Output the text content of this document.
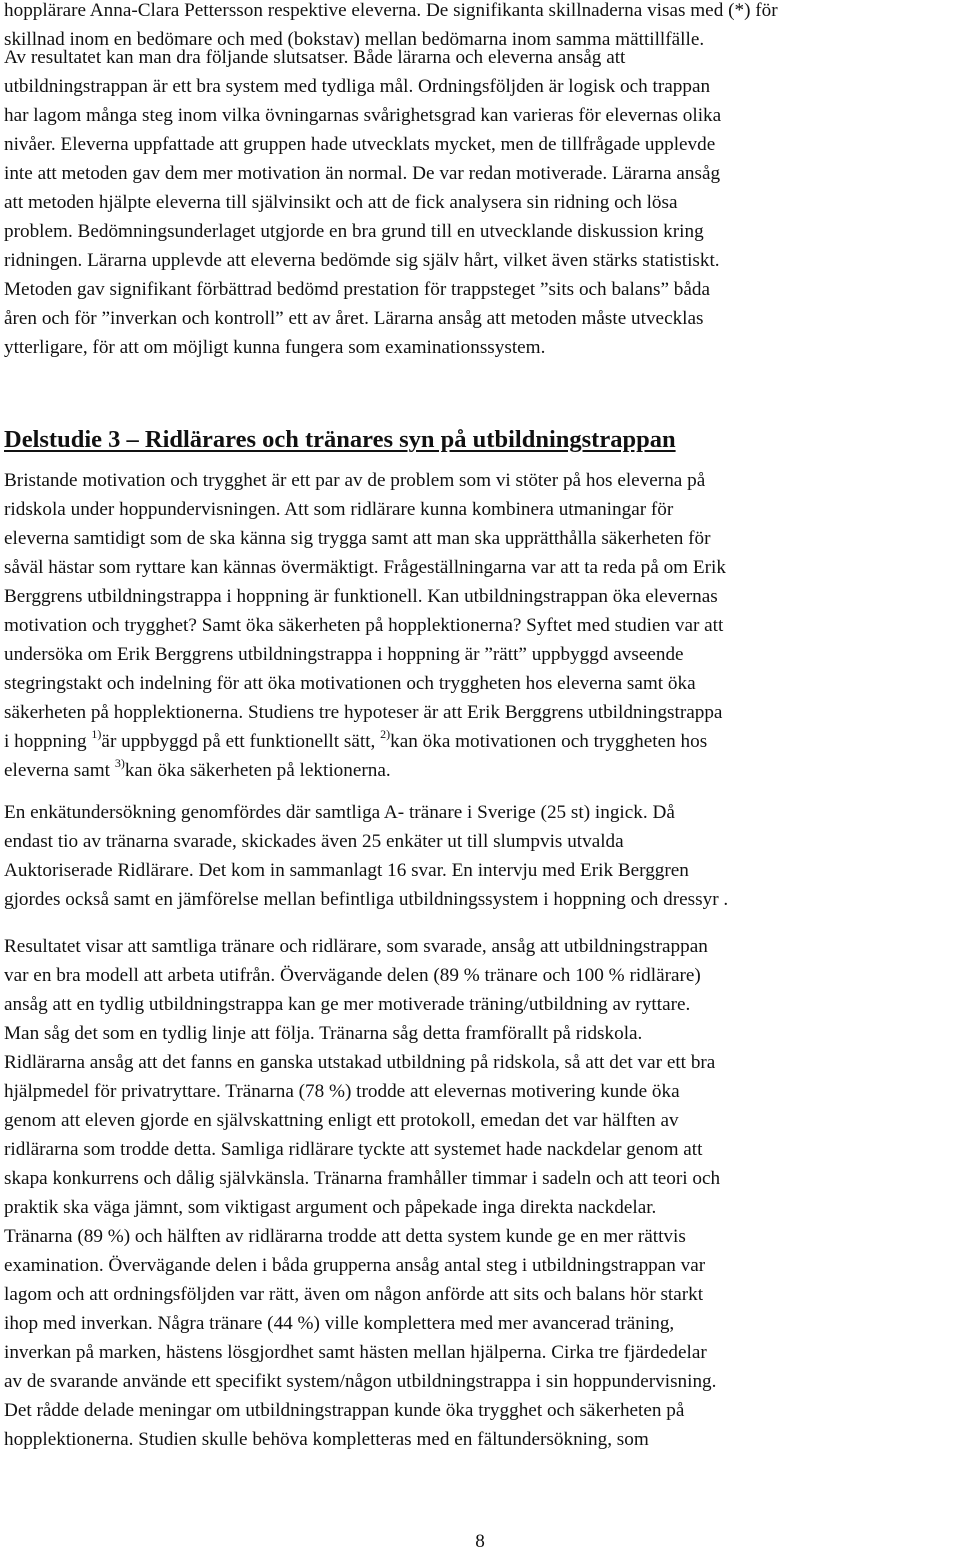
hopplärare Anna-Clara Pettersson respektive eleverna. De signifikanta skillnaderna visas med (*) för
skillnad inom en bedömare och med (bokstav) mellan bedömarna inom samma mättillfälle.
Av resultatet kan man dra följande slutsatser. Både lärarna och eleverna ansåg att
utbildningstrappan är ett bra system med tydliga mål. Ordningsföljden är logisk och trappan
har lagom många steg inom vilka övningarnas svårighetsgrad kan varieras för elevernas olika
nivåer. Eleverna uppfattade att gruppen hade utvecklats mycket, men de tillfrågade upplevde
inte att metoden gav dem mer motivation än normal. De var redan motiverade. Lärarna ansåg
att metoden hjälpte eleverna till självinsikt och att de fick analysera sin ridning och lösa
problem. Bedömningsunderlaget utgjorde en bra grund till en utvecklande diskussion kring
ridningen. Lärarna upplevde att eleverna bedömde sig själv hårt, vilket även stärks statistiskt.
Metoden gav signifikant förbättrad bedömd prestation för trappsteget ”sits och balans” båda
åren och för ”inverkan och kontroll” ett av året. Lärarna ansåg att metoden måste utvecklas
ytterligare, för att om möjligt kunna fungera som examinationssystem.
Delstudie 3 – Ridlärares och tränares syn på utbildningstrappan
Bristande motivation och trygghet är ett par av de problem som vi stöter på hos eleverna på
ridskola under hoppundervisningen. Att som ridlärare kunna kombinera utmaningar för
eleverna samtidigt som de ska känna sig trygga samt att man ska upprätthålla säkerheten för
såväl hästar som ryttare kan kännas övermäktigt. Frågeställningarna var att ta reda på om Erik
Berggrens utbildningstrappa i hoppning är funktionell. Kan utbildningstrappan öka elevernas
motivation och trygghet? Samt öka säkerheten på hopplektionerna? Syftet med studien var att
undersöka om Erik Berggrens utbildningstrappa i hoppning är ”rätt” uppbyggd avseende
stegringstakt och indelning för att öka motivationen och tryggheten hos eleverna samt öka
säkerheten på hopplektionerna. Studiens tre hypoteser är att Erik Berggrens utbildningstrappa
i hoppning $^{1)}$är uppbyggd på ett funktionellt sätt, $^{2)}$kan öka motivationen och tryggheten hos
eleverna samt $^{3)}$kan öka säkerheten på lektionerna.
En enkätundersökning genomfördes där samtliga A- tränare i Sverige (25 st) ingick. Då
endast tio av tränarna svarade, skickades även 25 enkäter ut till slumpvis utvalda
Auktoriserade Ridlärare. Det kom in sammanlagt 16 svar. En intervju med Erik Berggren
gjordes också samt en jämförelse mellan befintliga utbildningssystem i hoppning och dressyr .
Resultatet visar att samtliga tränare och ridlärare, som svarade, ansåg att utbildningstrappan
var en bra modell att arbeta utifrån. Övervägande delen (89 % tränare och 100 % ridlärare)
ansåg att en tydlig utbildningstrappa kan ge mer motiverade träning/utbildning av ryttare.
Man såg det som en tydlig linje att följa. Tränarna såg detta framförallt på ridskola.
Ridlärarna ansåg att det fanns en ganska utstakad utbildning på ridskola, så att det var ett bra
hjälpmedel för privatryttare. Tränarna (78 %) trodde att elevernas motivering kunde öka
genom att eleven gjorde en självskattning enligt ett protokoll, emedan det var hälften av
ridlärarna som trodde detta. Samliga ridlärare tyckte att systemet hade nackdelar genom att
skapa konkurrens och dålig självkänsla. Tränarna framhåller timmar i sadeln och att teori och
praktik ska väga jämnt, som viktigast argument och påpekade inga direkta nackdelar.
Tränarna (89 %) och hälften av ridlärarna trodde att detta system kunde ge en mer rättvis
examination. Övervägande delen i båda grupperna ansåg antal steg i utbildningstrappan var
lagom och att ordningsföljden var rätt, även om någon anförde att sits och balans hör starkt
ihop med inverkan. Några tränare (44 %) ville komplettera med mer avancerad träning,
inverkan på marken, hästens lösgjordhet samt hästen mellan hjälperna. Cirka tre fjärdedelar
av de svarande använde ett specifikt system/någon utbildningstrappa i sin hoppundervisning.
Det rådde delade meningar om utbildningstrappan kunde öka trygghet och säkerheten på
hopplektionerna. Studien skulle behöva kompletteras med en fältundersökning, som
8
